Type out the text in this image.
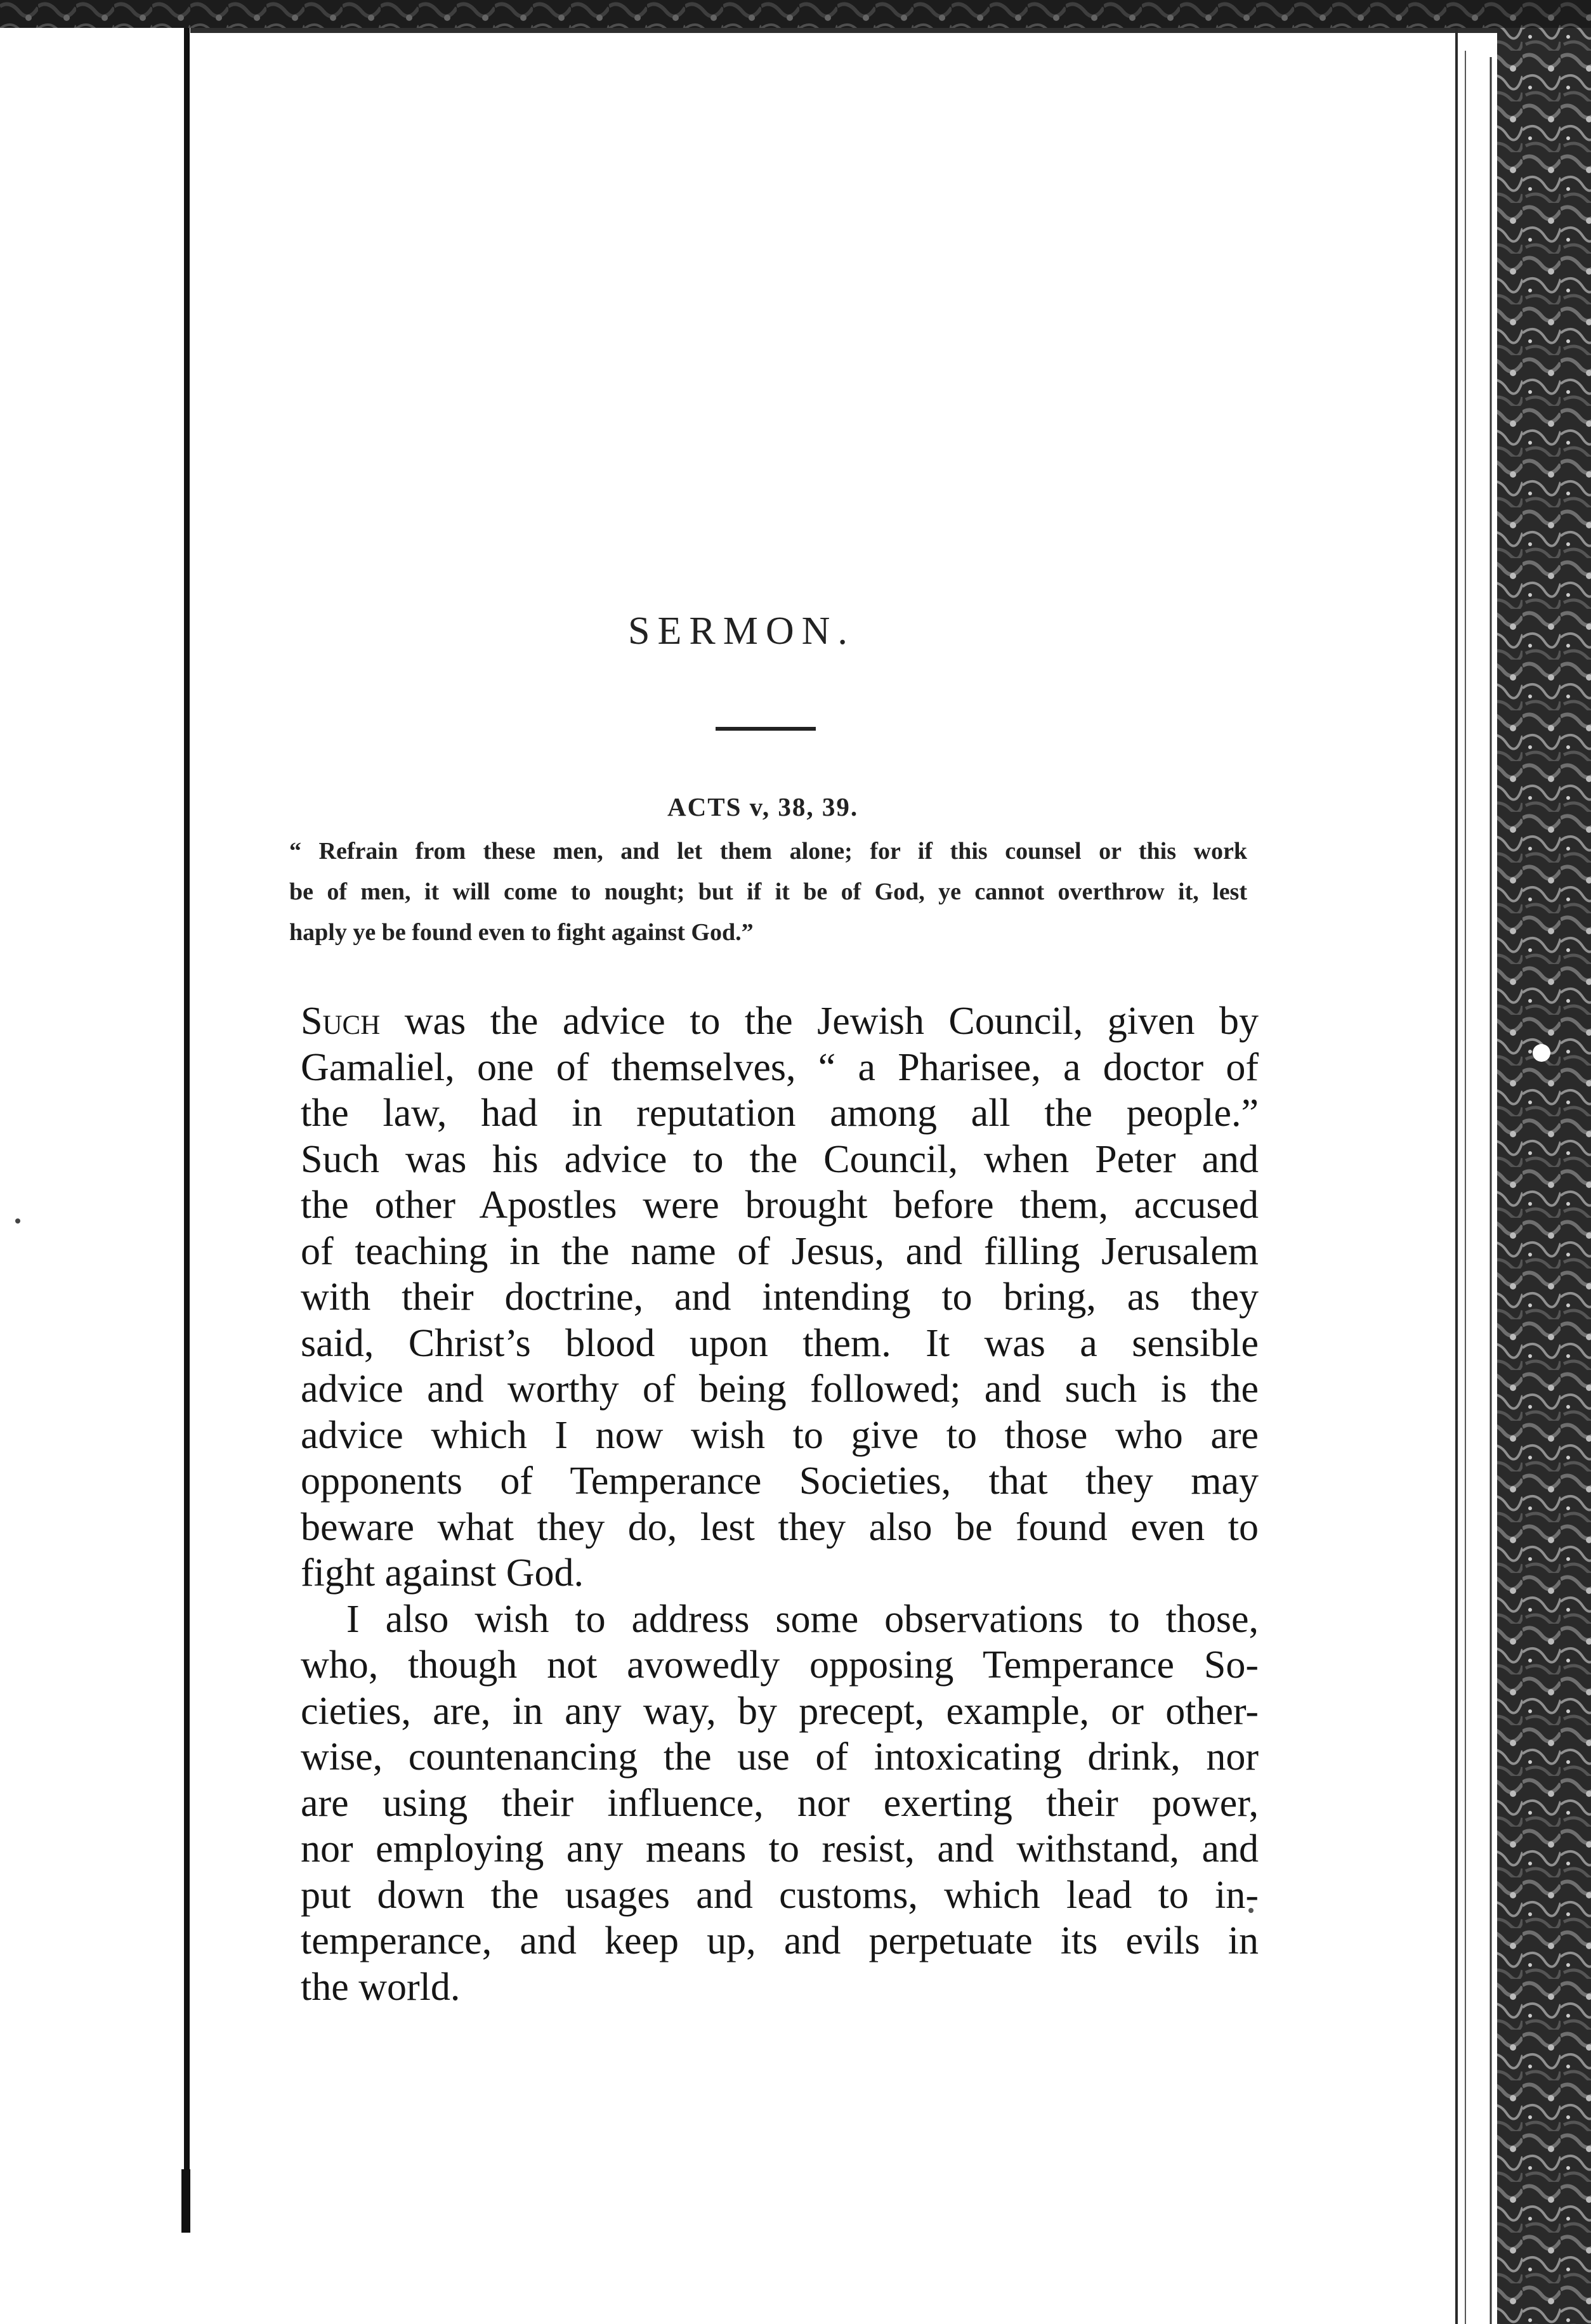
SERMON.
ACTS v, 38, 39.
“ Refrain from these men, and let them alone; for if this counsel or this work
be of men, it will come to nought; but if it be of God, ye cannot overthrow it, lest
haply ye be found even to fight against God.”
Such was the advice to the Jewish Council, given by
Gamaliel, one of themselves, “ a Pharisee, a doctor of
the law, had in reputation among all the people.”
Such was his advice to the Council, when Peter and
the other Apostles were brought before them, accused
of teaching in the name of Jesus, and filling Jerusalem
with their doctrine, and intending to bring, as they
said, Christ’s blood upon them. It was a sensible
advice and worthy of being followed; and such is the
advice which I now wish to give to those who are
opponents of Temperance Societies, that they may
beware what they do, lest they also be found even to
fight against God.
I also wish to address some observations to those,
who, though not avowedly opposing Temperance So-
cieties, are, in any way, by precept, example, or other-
wise, countenancing the use of intoxicating drink, nor
are using their influence, nor exerting their power,
nor employing any means to resist, and withstand, and
put down the usages and customs, which lead to in-
temperance, and keep up, and perpetuate its evils in
the world.
